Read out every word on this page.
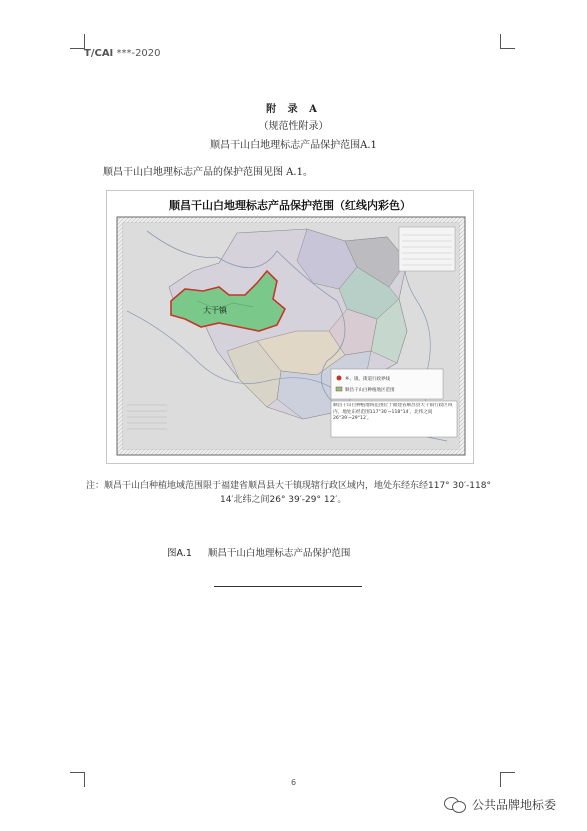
T/CAI ***-2020
附 录 A
（规范性附录）
顺昌干山白地理标志产品保护范围A.1
顺昌干山白地理标志产品的保护范围见图 A.1。
大干镇
乡、镇、街道行政界线
顺昌干山白种植地区范围
顺昌干山白种植地域范围位于福建省顺昌县大干镇行政区域内，地处东经范围117°30′~118°14′，北纬之间26°39′~29°12′。
顺昌干山白地理标志产品保护范围（红线内彩色）
注：顺昌干山白种植地域范围限于福建省顺昌县大干镇现辖行政区域内，地处东经东经117° 30′-118°
14′北纬之间26° 39′-29° 12′。
图A.1 顺昌干山白地理标志产品保护范围
6
公共品牌地标委
